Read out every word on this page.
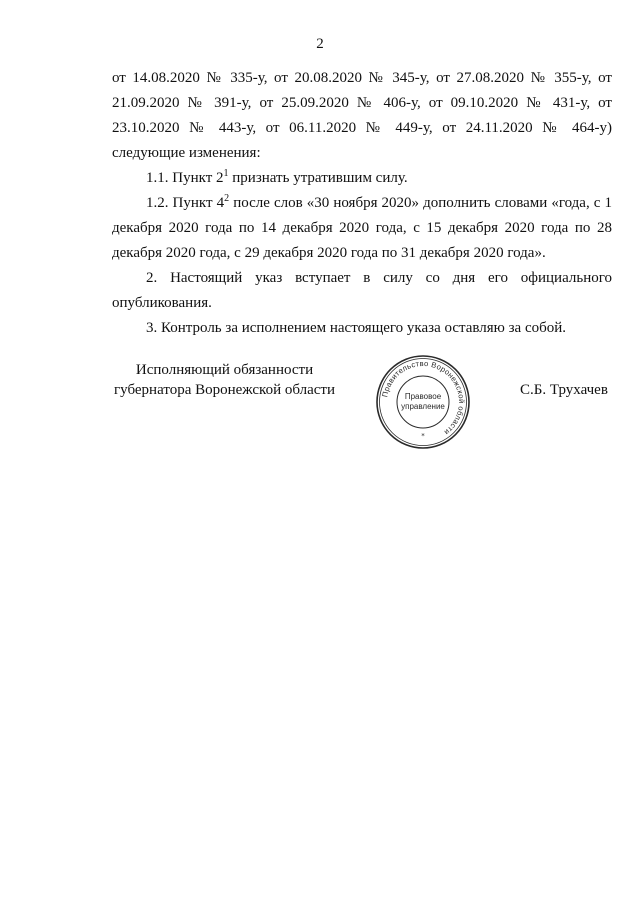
2

от 14.08.2020 № 335-у, от 20.08.2020 № 345-у, от 27.08.2020 № 355-у, от 21.09.2020 № 391-у, от 25.09.2020 № 406-у, от 09.10.2020 № 431-у, от 23.10.2020 № 443-у, от 06.11.2020 № 449-у, от 24.11.2020 № 464-у) следующие изменения:

1.1. Пункт $2^1$ признать утратившим силу.

1.2. Пункт $4^2$ после слов «30 ноября 2020» дополнить словами «года, с 1 декабря 2020 года по 14 декабря 2020 года, с 15 декабря 2020 года по 28 декабря 2020 года, с 29 декабря 2020 года по 31 декабря 2020 года».

2. Настоящий указ вступает в силу со дня его официального опубликования.

3. Контроль за исполнением настоящего указа оставляю за собой.

Исполняющий обязанности
губернатора Воронежской области	Правительство Воронежской области
Правовое
управление
*
С.Б. Трухачев
